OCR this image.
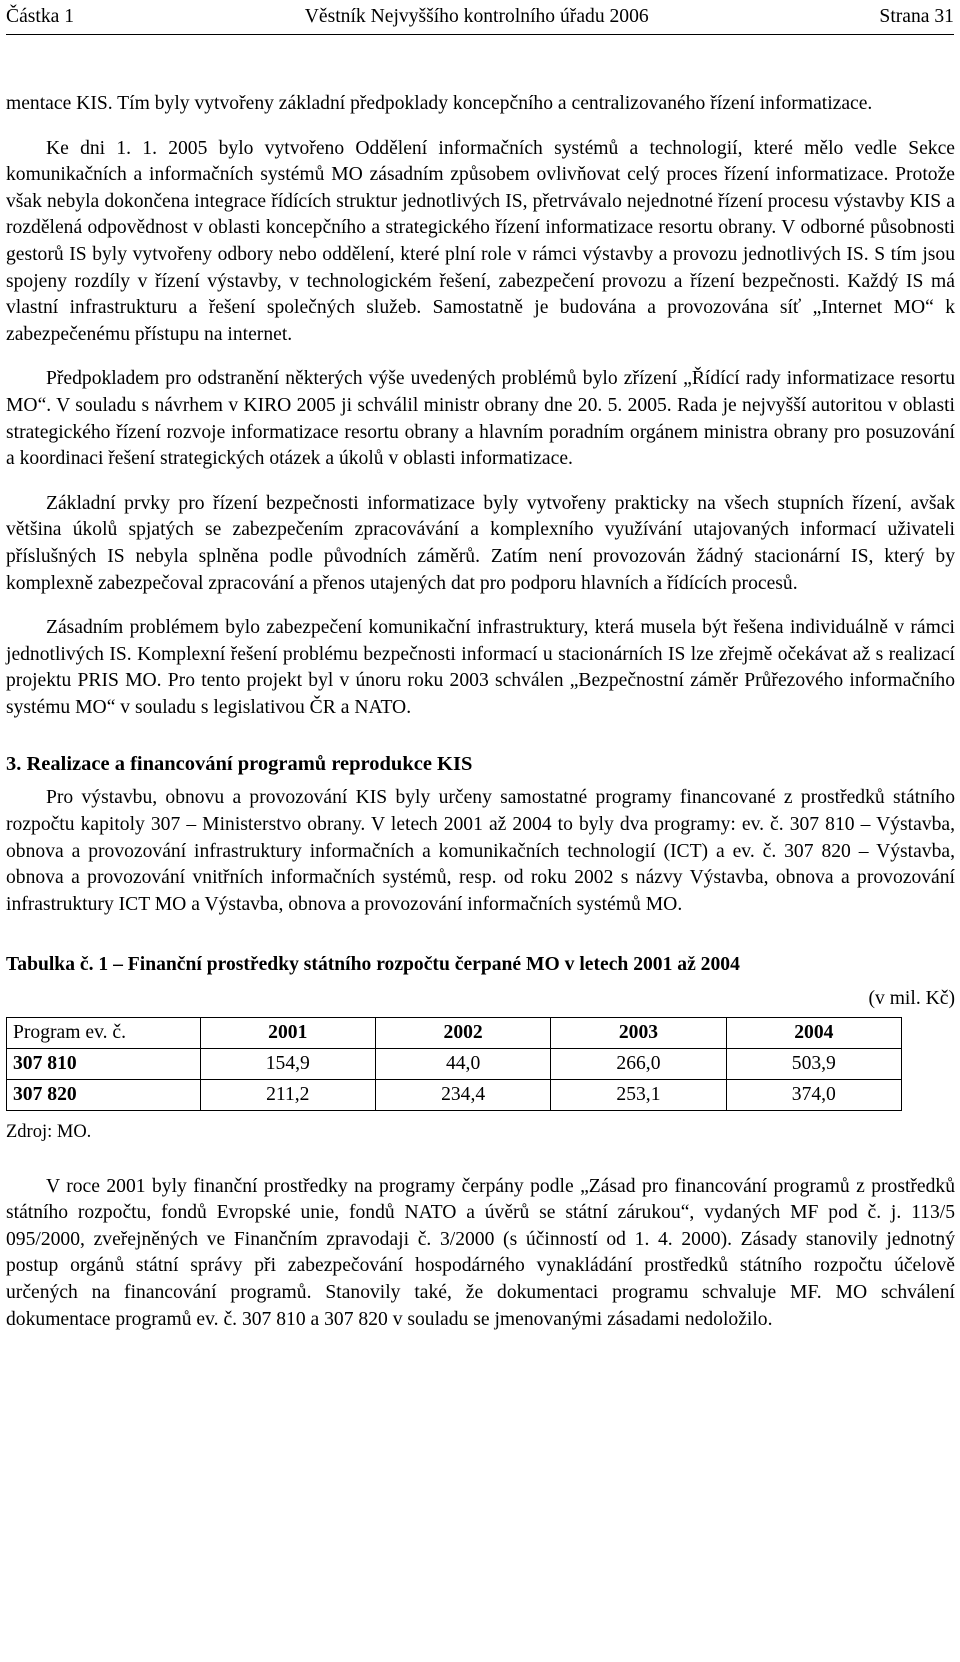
Částka 1	Věstník Nejvyššího kontrolního úřadu 2006	Strana 31

mentace KIS. Tím byly vytvořeny základní předpoklady koncepčního a centralizovaného řízení informatizace.

Ke dni 1. 1. 2005 bylo vytvořeno Oddělení informačních systémů a technologií, které mělo vedle Sekce komunikačních a informačních systémů MO zásadním způsobem ovlivňovat celý proces řízení informatizace. Protože však nebyla dokončena integrace řídících struktur jednotlivých IS, přetrvávalo nejednotné řízení procesu výstavby KIS a rozdělená odpovědnost v oblasti koncepčního a strategického řízení informatizace resortu obrany. V odborné působnosti gestorů IS byly vytvořeny odbory nebo oddělení, které plní role v rámci výstavby a provozu jednotlivých IS. S tím jsou spojeny rozdíly v řízení výstavby, v technologickém řešení, zabezpečení provozu a řízení bezpečnosti. Každý IS má vlastní infrastrukturu a řešení společných služeb. Samostatně je budována a provozována síť „Internet MO“ k zabezpečenému přístupu na internet.

Předpokladem pro odstranění některých výše uvedených problémů bylo zřízení „Řídící rady informatizace resortu MO“. V souladu s návrhem v KIRO 2005 ji schválil ministr obrany dne 20. 5. 2005. Rada je nejvyšší autoritou v oblasti strategického řízení rozvoje informatizace resortu obrany a hlavním poradním orgánem ministra obrany pro posuzování a koordinaci řešení strategických otázek a úkolů v oblasti informatizace.

Základní prvky pro řízení bezpečnosti informatizace byly vytvořeny prakticky na všech stupních řízení, avšak většina úkolů spjatých se zabezpečením zpracovávání a komplexního využívání utajovaných informací uživateli příslušných IS nebyla splněna podle původních záměrů. Zatím není provozován žádný stacionární IS, který by komplexně zabezpečoval zpracování a přenos utajených dat pro podporu hlavních a řídících procesů.

Zásadním problémem bylo zabezpečení komunikační infrastruktury, která musela být řešena individuálně v rámci jednotlivých IS. Komplexní řešení problému bezpečnosti informací u stacionárních IS lze zřejmě očekávat až s realizací projektu PRIS MO. Pro tento projekt byl v únoru roku 2003 schválen „Bezpečnostní záměr Průřezového informačního systému MO“ v souladu s legislativou ČR a NATO.

3. Realizace a financování programů reprodukce KIS

Pro výstavbu, obnovu a provozování KIS byly určeny samostatné programy financované z prostředků státního rozpočtu kapitoly 307 – Ministerstvo obrany. V letech 2001 až 2004 to byly dva programy: ev. č. 307 810 – Výstavba, obnova a provozování infrastruktury informačních a komunikačních technologií (ICT) a ev. č. 307 820 – Výstavba, obnova a provozování vnitřních informačních systémů, resp. od roku 2002 s názvy Výstavba, obnova a provozování infrastruktury ICT MO a Výstavba, obnova a provozování informačních systémů MO.

Tabulka č. 1 – Finanční prostředky státního rozpočtu čerpané MO v letech 2001 až 2004
(v mil. Kč)
Program ev. č.	2001	2002	2003	2004
307 810	154,9	44,0	266,0	503,9
307 820	211,2	234,4	253,1	374,0
Zdroj: MO.

V roce 2001 byly finanční prostředky na programy čerpány podle „Zásad pro financování programů z prostředků státního rozpočtu, fondů Evropské unie, fondů NATO a úvěrů se státní zárukou“, vydaných MF pod č. j. 113/5 095/2000, zveřejněných ve Finančním zpravodaji č. 3/2000 (s účinností od 1. 4. 2000). Zásady stanovily jednotný postup orgánů státní správy při zabezpečování hospodárného vynakládání prostředků státního rozpočtu účelově určených na financování programů. Stanovily také, že dokumentaci programu schvaluje MF. MO schválení dokumentace programů ev. č. 307 810 a 307 820 v souladu se jmenovanými zásadami nedoložilo.
